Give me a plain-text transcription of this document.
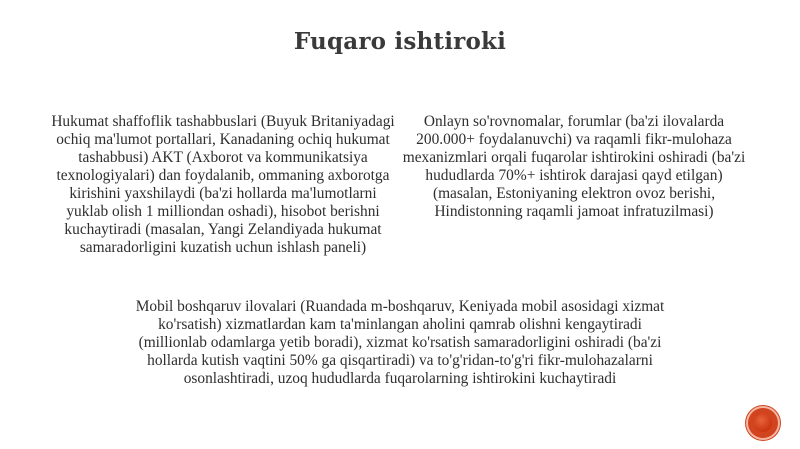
Fuqaro ishtiroki

Hukumat shaffoflik tashabbuslari (Buyuk Britaniyadagi ochiq ma'lumot portallari, Kanadaning ochiq hukumat tashabbusi) AKT (Axborot va kommunikatsiya texnologiyalari) dan foydalanib, ommaning axborotga kirishini yaxshilaydi (ba'zi hollarda ma'lumotlarni yuklab olish 1 milliondan oshadi), hisobot berishni kuchaytiradi (masalan, Yangi Zelandiyada hukumat samaradorligini kuzatish uchun ishlash paneli)

Onlayn so'rovnomalar, forumlar (ba'zi ilovalarda 200.000+ foydalanuvchi) va raqamli fikr-mulohaza mexanizmlari orqali fuqarolar ishtirokini oshiradi (ba'zi hududlarda 70%+ ishtirok darajasi qayd etilgan) (masalan, Estoniyaning elektron ovoz berishi, Hindistonning raqamli jamoat infratuzilmasi)

Mobil boshqaruv ilovalari (Ruandada m-boshqaruv, Keniyada mobil asosidagi xizmat ko'rsatish) xizmatlardan kam ta'minlangan aholini qamrab olishni kengaytiradi (millionlab odamlarga yetib boradi), xizmat ko'rsatish samaradorligini oshiradi (ba'zi hollarda kutish vaqtini 50% ga qisqartiradi) va to'g'ridan-to'g'ri fikr-mulohazalarni osonlashtiradi, uzoq hududlarda fuqarolarning ishtirokini kuchaytiradi
